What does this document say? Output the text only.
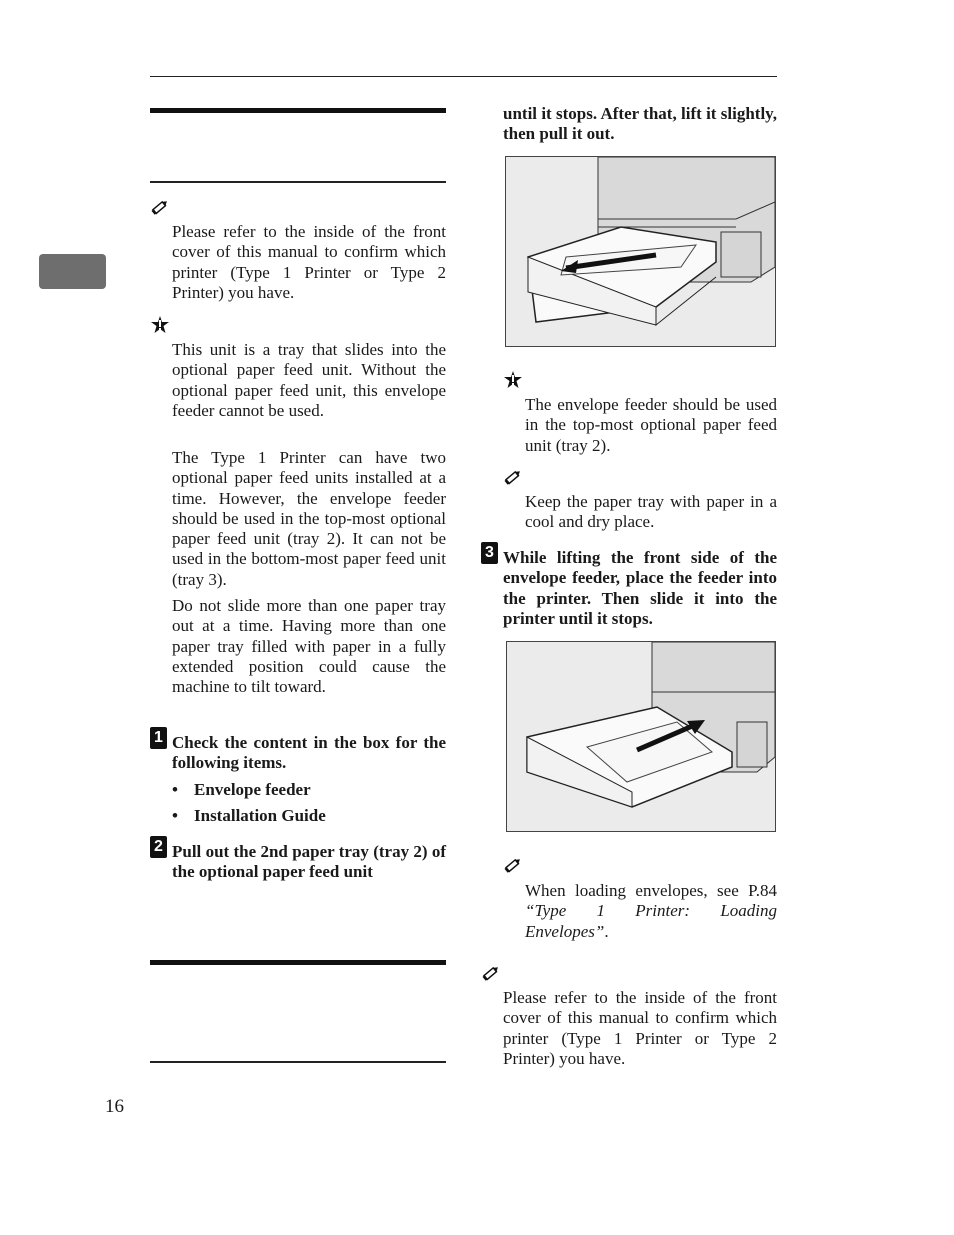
Please refer to the inside of the front cover of this manual to confirm which printer (Type 1 Printer or Type 2 Printer) you have.
This unit is a tray that slides into the optional paper feed unit. Without the optional paper feed unit, this envelope feeder cannot be used.
The Type 1 Printer can have two optional paper feed units installed at a time. However, the envelope feeder should be used in the top-most optional paper feed unit (tray 2). It can not be used in the bottom-most paper feed unit (tray 3).
Do not slide more than one paper tray out at a time. Having more than one paper tray filled with paper in a fully extended position could cause the machine to tilt toward.
1 Check the content in the box for the following items.
• Envelope feeder
• Installation Guide
2 Pull out the 2nd paper tray (tray 2) of the optional paper feed unit
until it stops. After that, lift it slightly, then pull it out.
The envelope feeder should be used in the top-most optional paper feed unit (tray 2).
Keep the paper tray with paper in a cool and dry place.
3 While lifting the front side of the envelope feeder, place the feeder into the printer. Then slide it into the printer until it stops.
When loading envelopes, see P.84 “Type 1 Printer: Loading Envelopes”.
Please refer to the inside of the front cover of this manual to confirm which printer (Type 1 Printer or Type 2 Printer) you have.
16
